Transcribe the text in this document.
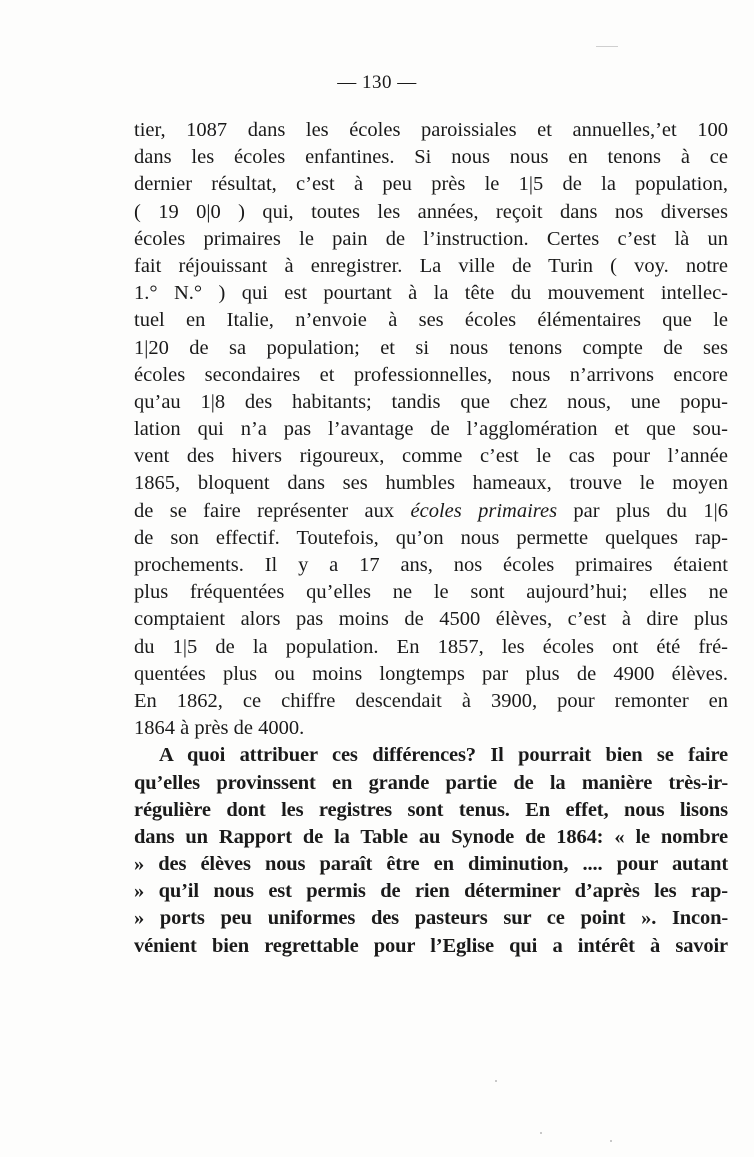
— 130 —
tier, 1087 dans les écoles paroissiales et annuelles,’et 100
dans les écoles enfantines. Si nous nous en tenons à ce
dernier résultat, c’est à peu près le 1|5 de la population,
( 19 0|0 ) qui, toutes les années, reçoit dans nos diverses
écoles primaires le pain de l’instruction. Certes c’est là un
fait réjouissant à enregistrer. La ville de Turin ( voy. notre
1.° N.° ) qui est pourtant à la tête du mouvement intellec-
tuel en Italie, n’envoie à ses écoles élémentaires que le
1|20 de sa population; et si nous tenons compte de ses
écoles secondaires et professionnelles, nous n’arrivons encore
qu’au 1|8 des habitants; tandis que chez nous, une popu-
lation qui n’a pas l’avantage de l’agglomération et que sou-
vent des hivers rigoureux, comme c’est le cas pour l’année
1865, bloquent dans ses humbles hameaux, trouve le moyen
de se faire représenter aux écoles primaires par plus du 1|6
de son effectif. Toutefois, qu’on nous permette quelques rap-
prochements. Il y a 17 ans, nos écoles primaires étaient
plus fréquentées qu’elles ne le sont aujourd’hui; elles ne
comptaient alors pas moins de 4500 élèves, c’est à dire plus
du 1|5 de la population. En 1857, les écoles ont été fré-
quentées plus ou moins longtemps par plus de 4900 élèves.
En 1862, ce chiffre descendait à 3900, pour remonter en
1864 à près de 4000.
A quoi attribuer ces différences? Il pourrait bien se faire
qu’elles provinssent en grande partie de la manière très-ir-
régulière dont les registres sont tenus. En effet, nous lisons
dans un Rapport de la Table au Synode de 1864: « le nombre
» des élèves nous paraît être en diminution, .... pour autant
» qu’il nous est permis de rien déterminer d’après les rap-
» ports peu uniformes des pasteurs sur ce point ». Incon-
vénient bien regrettable pour l’Eglise qui a intérêt à savoir
